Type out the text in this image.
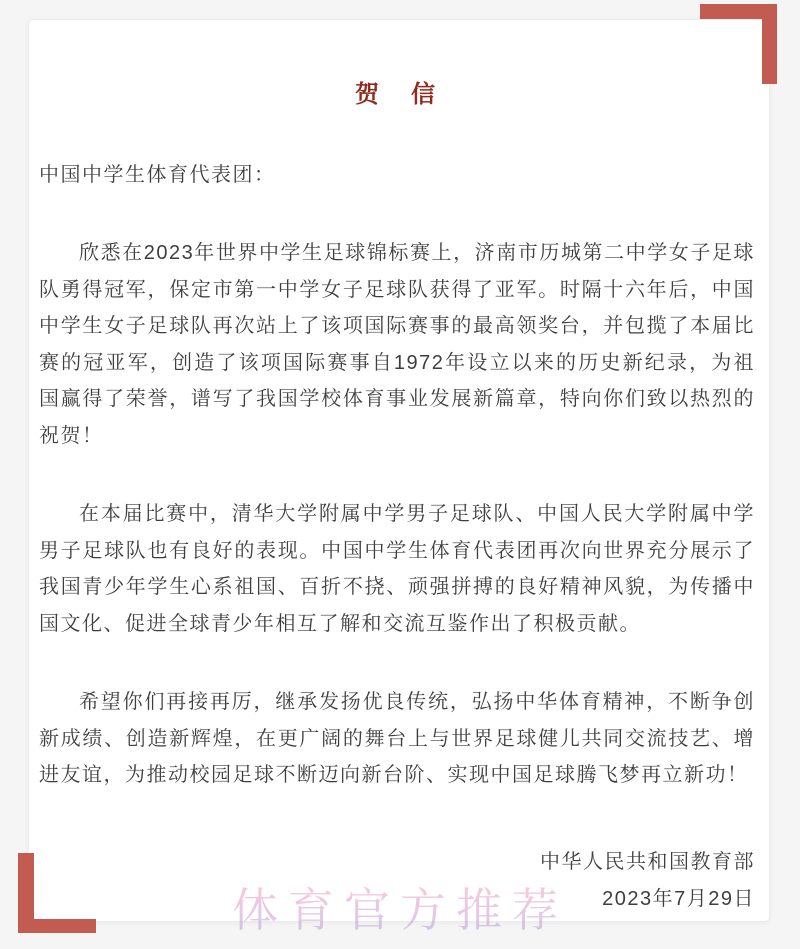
贺　信
中国中学生体育代表团：

欣悉在2023年世界中学生足球锦标赛上，济南市历城第二中学女子足球队勇得冠军，保定市第一中学女子足球队获得了亚军。时隔十六年后，中国中学生女子足球队再次站上了该项国际赛事的最高领奖台，并包揽了本届比赛的冠亚军，创造了该项国际赛事自1972年设立以来的历史新纪录，为祖国赢得了荣誉，谱写了我国学校体育事业发展新篇章，特向你们致以热烈的祝贺！

在本届比赛中，清华大学附属中学男子足球队、中国人民大学附属中学男子足球队也有良好的表现。中国中学生体育代表团再次向世界充分展示了我国青少年学生心系祖国、百折不挠、顽强拼搏的良好精神风貌，为传播中国文化、促进全球青少年相互了解和交流互鉴作出了积极贡献。

希望你们再接再厉，继承发扬优良传统，弘扬中华体育精神，不断争创新成绩、创造新辉煌，在更广阔的舞台上与世界足球健儿共同交流技艺、增进友谊，为推动校园足球不断迈向新台阶、实现中国足球腾飞梦再立新功！

中华人民共和国教育部
2023年7月29日
